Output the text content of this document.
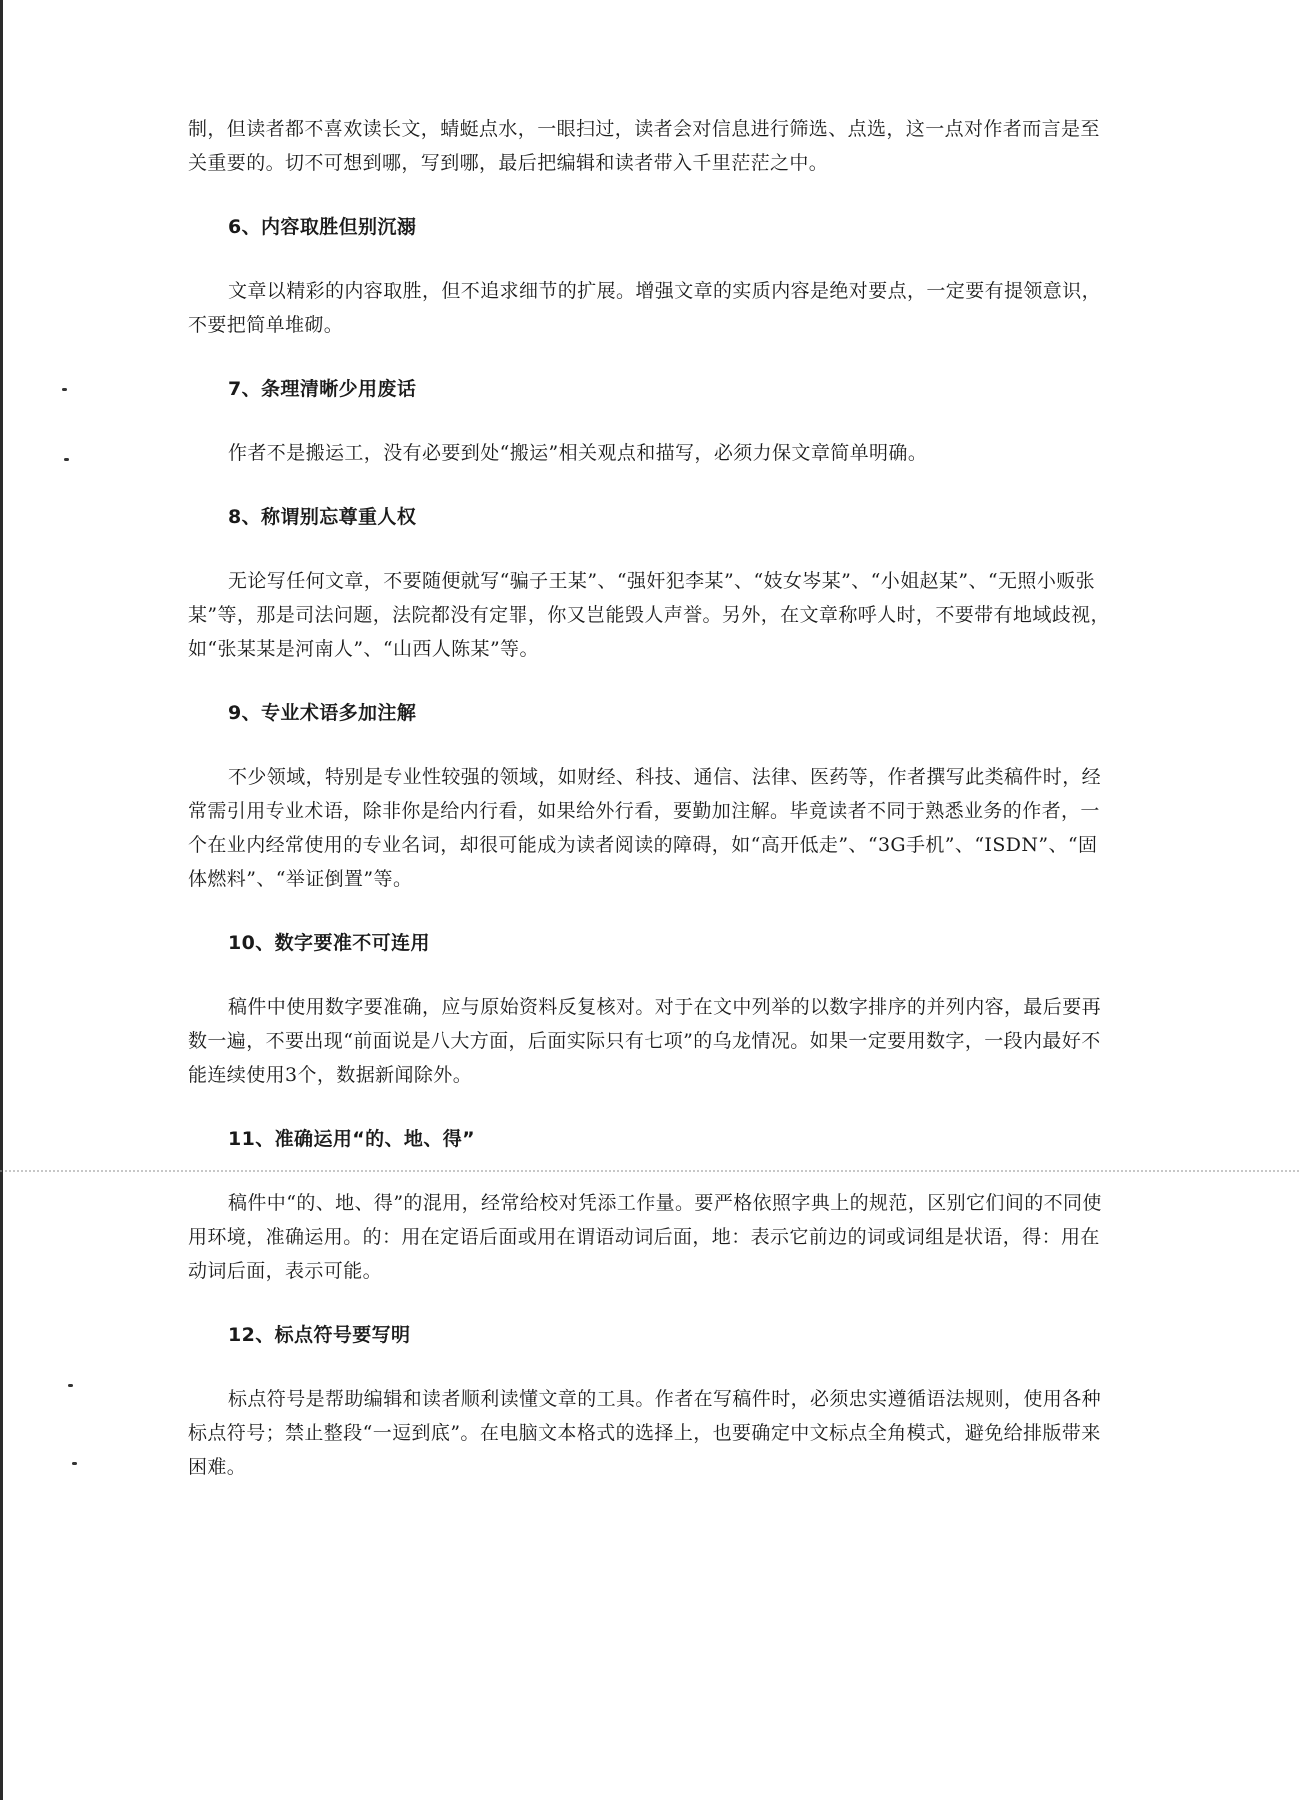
制，但读者都不喜欢读长文，蜻蜓点水，一眼扫过，读者会对信息进行筛选、点选，这一点对作者而言是至关重要的。切不可想到哪，写到哪，最后把编辑和读者带入千里茫茫之中。

6、内容取胜但别沉溺

文章以精彩的内容取胜，但不追求细节的扩展。增强文章的实质内容是绝对要点，一定要有提领意识，不要把简单堆砌。

7、条理清晰少用废话

作者不是搬运工，没有必要到处“搬运”相关观点和描写，必须力保文章简单明确。

8、称谓别忘尊重人权

无论写任何文章，不要随便就写“骗子王某”、“强奸犯李某”、“妓女岑某”、“小姐赵某”、“无照小贩张某”等，那是司法问题，法院都没有定罪，你又岂能毁人声誉。另外，在文章称呼人时，不要带有地域歧视，如“张某某是河南人”、“山西人陈某”等。

9、专业术语多加注解

不少领域，特别是专业性较强的领域，如财经、科技、通信、法律、医药等，作者撰写此类稿件时，经常需引用专业术语，除非你是给内行看，如果给外行看，要勤加注解。毕竟读者不同于熟悉业务的作者，一个在业内经常使用的专业名词，却很可能成为读者阅读的障碍，如“高开低走”、“3G手机”、“ISDN”、“固体燃料”、“举证倒置”等。

10、数字要准不可连用

稿件中使用数字要准确，应与原始资料反复核对。对于在文中列举的以数字排序的并列内容，最后要再数一遍，不要出现“前面说是八大方面，后面实际只有七项”的乌龙情况。如果一定要用数字，一段内最好不能连续使用3个，数据新闻除外。

11、准确运用“的、地、得”

稿件中“的、地、得”的混用，经常给校对凭添工作量。要严格依照字典上的规范，区别它们间的不同使用环境，准确运用。的：用在定语后面或用在谓语动词后面，地：表示它前边的词或词组是状语，得：用在动词后面，表示可能。

12、标点符号要写明

标点符号是帮助编辑和读者顺利读懂文章的工具。作者在写稿件时，必须忠实遵循语法规则，使用各种标点符号；禁止整段“一逗到底”。在电脑文本格式的选择上，也要确定中文标点全角模式，避免给排版带来困难。
